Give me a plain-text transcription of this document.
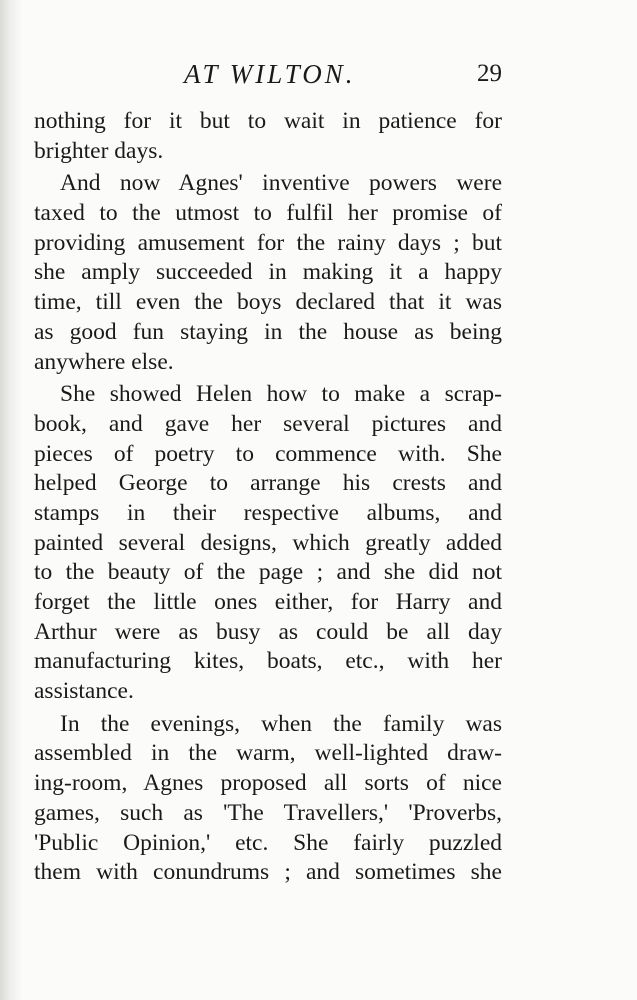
AT WILTON.	29
nothing for it but to wait in patience for
brighter days.
And now Agnes' inventive powers were
taxed to the utmost to fulfil her promise of
providing amusement for the rainy days ; but
she amply succeeded in making it a happy
time, till even the boys declared that it was
as good fun staying in the house as being
anywhere else.
She showed Helen how to make a scrap-
book, and gave her several pictures and
pieces of poetry to commence with. She
helped George to arrange his crests and
stamps in their respective albums, and
painted several designs, which greatly added
to the beauty of the page ; and she did not
forget the little ones either, for Harry and
Arthur were as busy as could be all day
manufacturing kites, boats, etc., with her
assistance.
In the evenings, when the family was
assembled in the warm, well-lighted draw-
ing-room, Agnes proposed all sorts of nice
games, such as 'The Travellers,' 'Proverbs,
'Public Opinion,' etc. She fairly puzzled
them with conundrums ; and sometimes she
